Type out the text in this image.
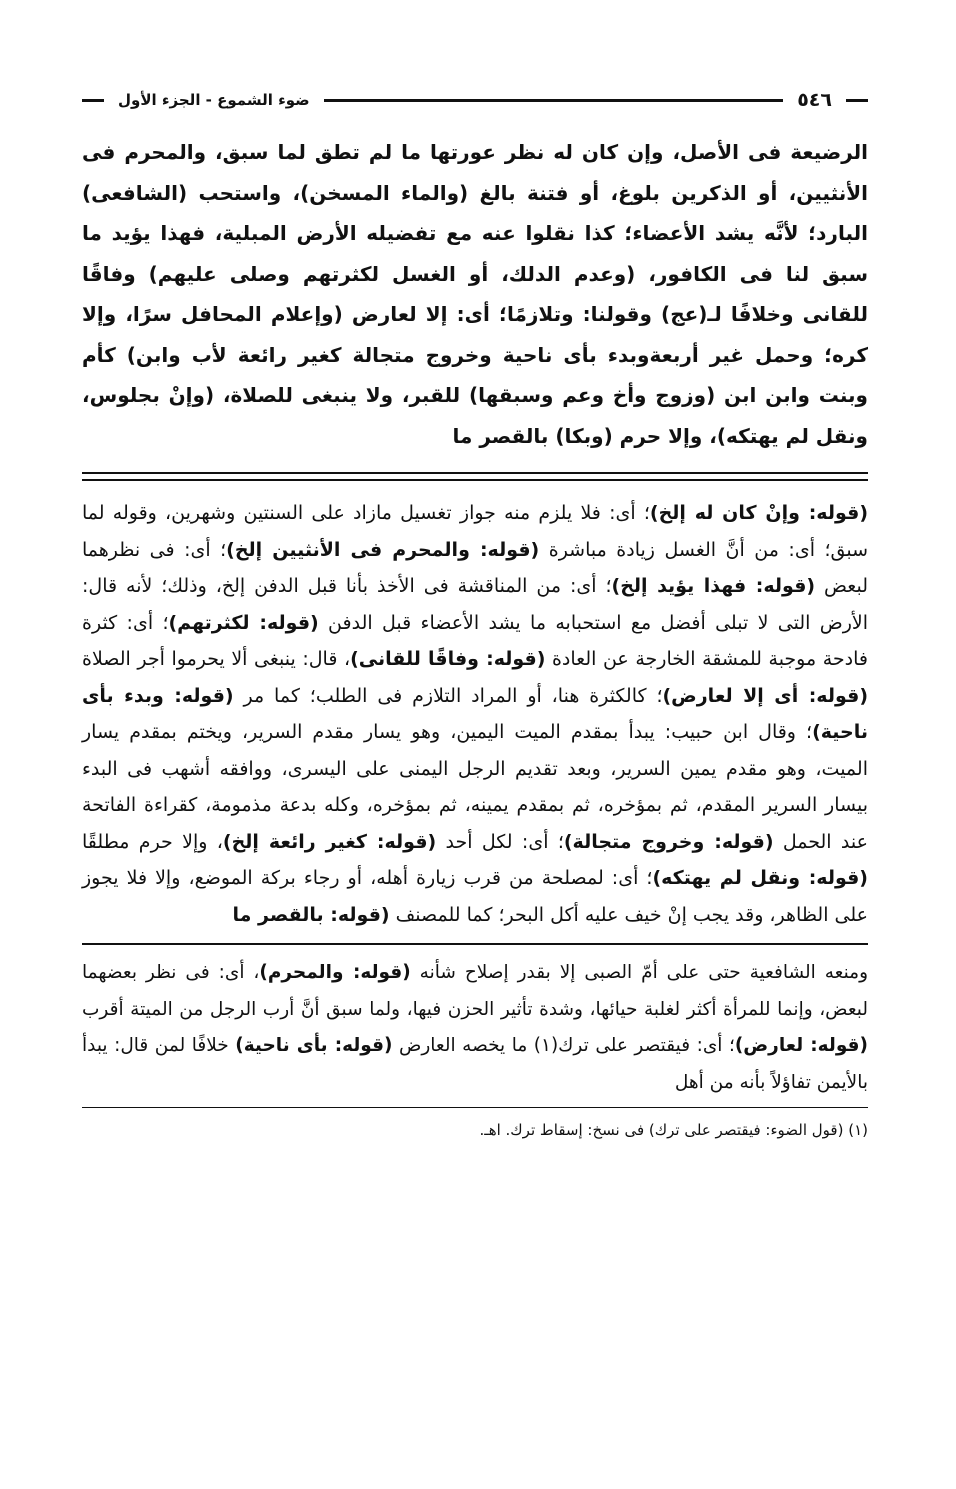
٥٤٦
ضوء الشموع - الجزء الأول

الرضيعة فى الأصل، وإن كان له نظر عورتها ما لم تطق لما سبق، والمحرم فى الأنثيين، أو الذكرين بلوغ، أو فتنة بالغ (والماء المسخن)، واستحب (الشافعى) البارد؛ لأنَّه يشد الأعضاء؛ كذا نقلوا عنه مع تفضيله الأرض المبلية، فهذا يؤيد ما سبق لنا فى الكافور، (وعدم الدلك، أو الغسل لكثرتهم وصلى عليهم) وفاقًا للقانى وخلافًا لـ(عج) وقولنا: وتلازمًا؛ أى: إلا لعارض (وإعلام المحافل سرًا، وإلا كره؛ وحمل غير أربعةوبدء بأى ناحية وخروج متجالة كغير رائعة لأب وابن) كأم وبنت وابن ابن (وزوج وأخ وعم وسبقها) للقبر، ولا ينبغى للصلاة، (وإنْ بجلوس، ونقل لم يهتكه)، وإلا حرم (وبكا) بالقصر ما

(قوله: وإنْ كان له إلخ)؛ أى: فلا يلزم منه جواز تغسيل مازاد على السنتين وشهرين، وقوله لما سبق؛ أى: من أنَّ الغسل زيادة مباشرة (قوله: والمحرم فى الأنثيين إلخ)؛ أى: فى نظرهما لبعض (قوله: فهذا يؤيد إلخ)؛ أى: من المناقشة فى الأخذ بأنا قبل الدفن إلخ، وذلك؛ لأنه قال: الأرض التى لا تبلى أفضل مع استحبابه ما يشد الأعضاء قبل الدفن (قوله: لكثرتهم)؛ أى: كثرة فادحة موجبة للمشقة الخارجة عن العادة (قوله: وفاقًا للقانى)، قال: ينبغى ألا يحرموا أجر الصلاة (قوله: أى إلا لعارض)؛ كالكثرة هنا، أو المراد التلازم فى الطلب؛ كما مر (قوله: وبدء بأى ناحية)؛ وقال ابن حبيب: يبدأ بمقدم الميت اليمين، وهو يسار مقدم السرير، ويختم بمقدم يسار الميت، وهو مقدم يمين السرير، وبعد تقديم الرجل اليمنى على اليسرى، ووافقه أشهب فى البدء بيسار السرير المقدم، ثم بمؤخره، ثم بمقدم يمينه، ثم بمؤخره، وكله بدعة مذمومة، كقراءة الفاتحة عند الحمل (قوله: وخروج متجالة)؛ أى: لكل أحد (قوله: كغير رائعة إلخ)، وإلا حرم مطلقًا (قوله: ونقل لم يهتكه)؛ أى: لمصلحة من قرب زيارة أهله، أو رجاء بركة الموضع، وإلا فلا يجوز على الظاهر، وقد يجب إنْ خيف عليه أكل البحر؛ كما للمصنف (قوله: بالقصر ما

ومنعه الشافعية حتى على أمّ الصبى إلا بقدر إصلاح شأنه (قوله: والمحرم)، أى: فى نظر بعضهما لبعض، وإنما للمرأة أكثر لغلبة حيائها، وشدة تأثير الحزن فيها، ولما سبق أنَّ أرب الرجل من الميتة أقرب (قوله: لعارض)؛ أى: فيقتصر على ترك(١) ما يخصه العارض (قوله: بأى ناحية) خلافًا لمن قال: يبدأ بالأيمن تفاؤلاً بأنه من أهل

(١) (قول الضوء: فيقتصر على ترك) فى نسخ: إسقاط ترك. اهـ.
